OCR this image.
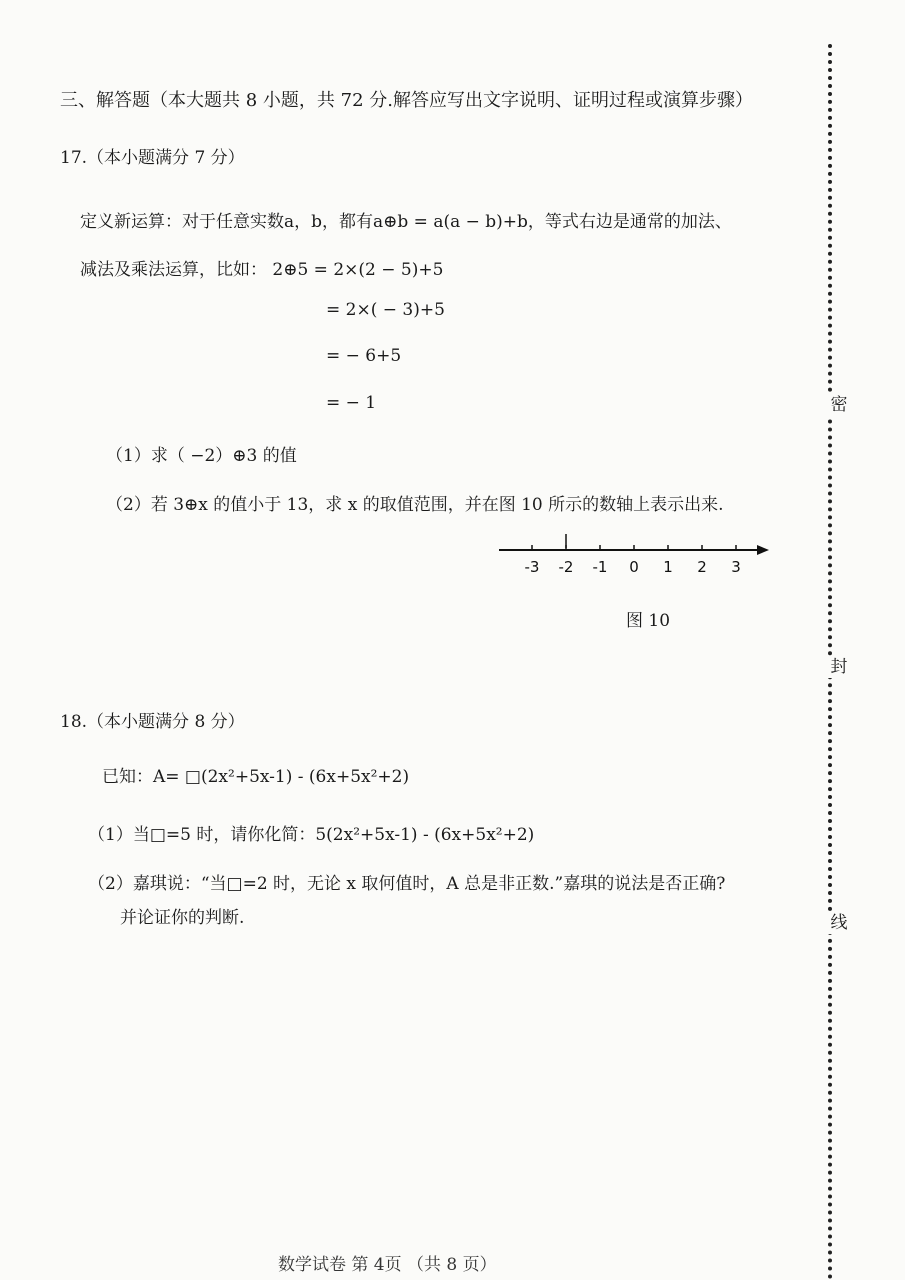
三、解答题（本大题共 8 小题，共 72 分.解答应写出文字说明、证明过程或演算步骤）
17.（本小题满分 7 分）
定义新运算：对于任意实数a，b，都有a⊕b = a(a − b)+b，等式右边是通常的加法、
减法及乘法运算，比如： 2⊕5 = 2×(2 − 5)+5
= 2×( − 3)+5
= − 6+5
= − 1
（1）求（ −2）⊕3 的值
（2）若 3⊕x 的值小于 13，求 x 的取值范围，并在图 10 所示的数轴上表示出来.
-3 -2 -1 0 1 2 3
图 10
18.（本小题满分 8 分）
已知：A= □(2x²+5x-1) - (6x+5x²+2)
（1）当□=5 时，请你化简：5(2x²+5x-1) - (6x+5x²+2)
（2）嘉琪说：“当□=2 时，无论 x 取何值时，A 总是非正数.”嘉琪的说法是否正确?
并论证你的判断.
密
封
线
数学试卷 第 4页 （共 8 页）
